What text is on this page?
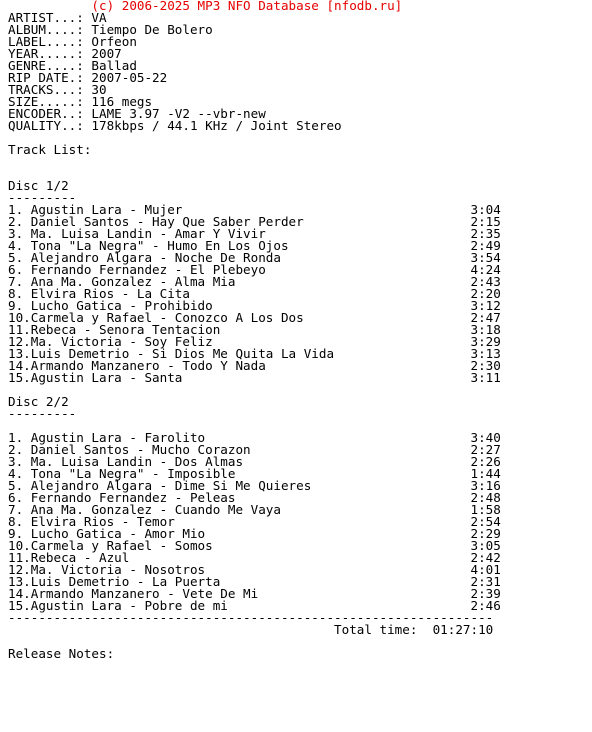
(c) 2006-2025 MP3 NFO Database [nfodb.ru]
ARTIST...: VA
ALBUM....: Tiempo De Bolero
LABEL....: Orfeon
YEAR.....: 2007
GENRE....: Ballad
RIP DATE.: 2007-05-22
TRACKS...: 30
SIZE.....: 116 megs
ENCODER..: LAME 3.97 -V2 --vbr-new
QUALITY..: 178kbps / 44.1 KHz / Joint Stereo
Track List:
Disc 1/2
---------
1. Agustin Lara - Mujer                                      3:04
2. Daniel Santos - Hay Que Saber Perder                      2:15
3. Ma. Luisa Landin - Amar Y Vivir                           2:35
4. Tona "La Negra" - Humo En Los Ojos                        2:49
5. Alejandro Algara - Noche De Ronda                         3:54
6. Fernando Fernandez - El Plebeyo                           4:24
7. Ana Ma. Gonzalez - Alma Mia                               2:43
8. Elvira Rios - La Cita                                     2:20
9. Lucho Gatica - Prohibido                                  3:12
10.Carmela y Rafael - Conozco A Los Dos                      2:47
11.Rebeca - Senora Tentacion                                 3:18
12.Ma. Victoria - Soy Feliz                                  3:29
13.Luis Demetrio - Si Dios Me Quita La Vida                  3:13
14.Armando Manzanero - Todo Y Nada                           2:30
15.Agustin Lara - Santa                                      3:11
Disc 2/2
---------
1. Agustin Lara - Farolito                                   3:40
2. Daniel Santos - Mucho Corazon                             2:27
3. Ma. Luisa Landin - Dos Almas                              2:26
4. Tona "La Negra" - Imposible                               1:44
5. Alejandro Algara - Dime Si Me Quieres                     3:16
6. Fernando Fernandez - Peleas                               2:48
7. Ana Ma. Gonzalez - Cuando Me Vaya                         1:58
8. Elvira Rios - Temor                                       2:54
9. Lucho Gatica - Amor Mio                                   2:29
10.Carmela y Rafael - Somos                                  3:05
11.Rebeca - Azul                                             2:42
12.Ma. Victoria - Nosotros                                   4:01
13.Luis Demetrio - La Puerta                                 2:31
14.Armando Manzanero - Vete De Mi                            2:39
15.Agustin Lara - Pobre de mi                                2:46
----------------------------------------------------------------
Total time:  01:27:10
Release Notes:
